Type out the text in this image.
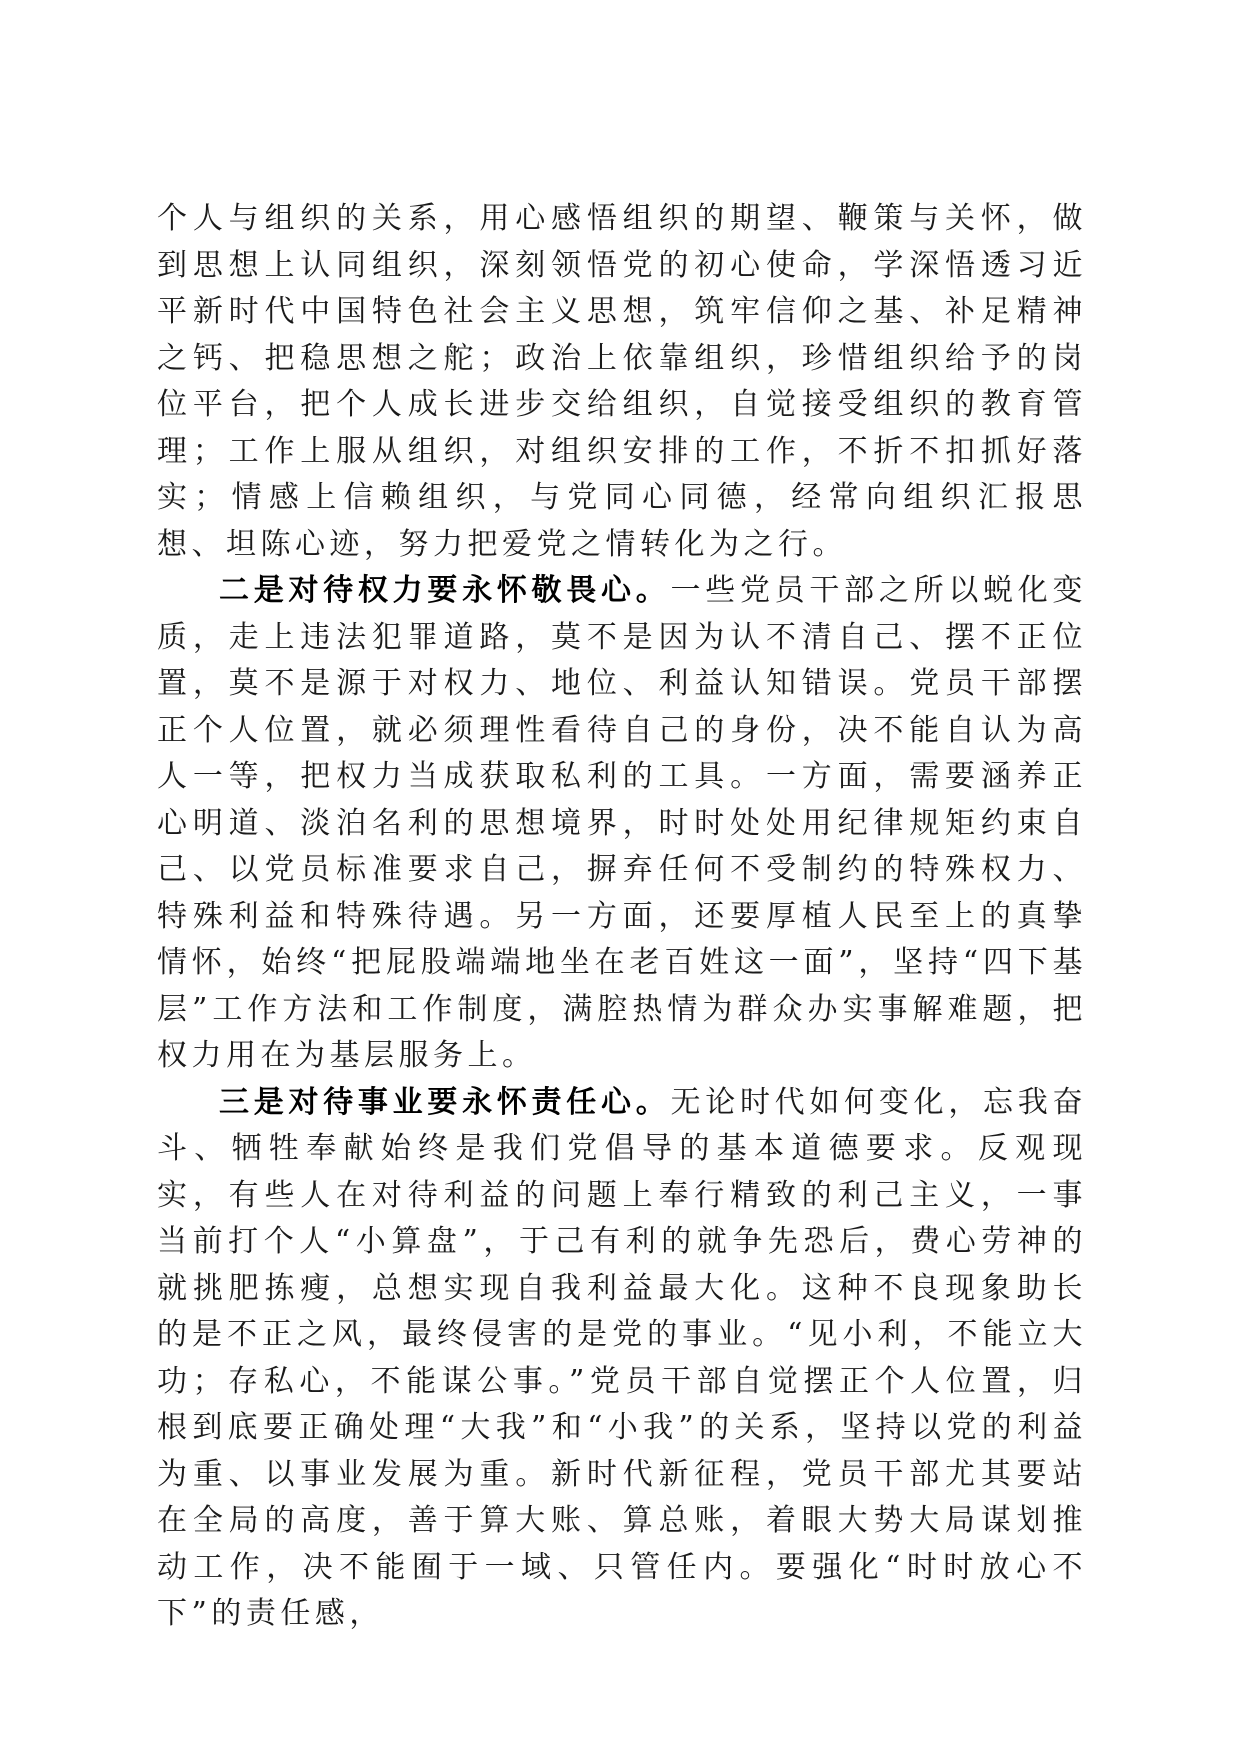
个人与组织的关系，用心感悟组织的期望、鞭策与关怀，做到思想上认同组织，深刻领悟党的初心使命，学深悟透习近平新时代中国特色社会主义思想，筑牢信仰之基、补足精神之钙、把稳思想之舵；政治上依靠组织，珍惜组织给予的岗位平台，把个人成长进步交给组织，自觉接受组织的教育管理；工作上服从组织，对组织安排的工作，不折不扣抓好落实；情感上信赖组织，与党同心同德，经常向组织汇报思想、坦陈心迹，努力把爱党之情转化为之行。

二是对待权力要永怀敬畏心。一些党员干部之所以蜕化变质，走上违法犯罪道路，莫不是因为认不清自己、摆不正位置，莫不是源于对权力、地位、利益认知错误。党员干部摆正个人位置，就必须理性看待自己的身份，决不能自认为高人一等，把权力当成获取私利的工具。一方面，需要涵养正心明道、淡泊名利的思想境界，时时处处用纪律规矩约束自己、以党员标准要求自己，摒弃任何不受制约的特殊权力、特殊利益和特殊待遇。另一方面，还要厚植人民至上的真挚情怀，始终“把屁股端端地坐在老百姓这一面”，坚持“四下基层”工作方法和工作制度，满腔热情为群众办实事解难题，把权力用在为基层服务上。

三是对待事业要永怀责任心。无论时代如何变化，忘我奋斗、牺牲奉献始终是我们党倡导的基本道德要求。反观现实，有些人在对待利益的问题上奉行精致的利己主义，一事当前打个人“小算盘”，于己有利的就争先恐后，费心劳神的就挑肥拣瘦，总想实现自我利益最大化。这种不良现象助长的是不正之风，最终侵害的是党的事业。“见小利，不能立大功；存私心，不能谋公事。”党员干部自觉摆正个人位置，归根到底要正确处理“大我”和“小我”的关系，坚持以党的利益为重、以事业发展为重。新时代新征程，党员干部尤其要站在全局的高度，善于算大账、算总账，着眼大势大局谋划推动工作，决不能囿于一域、只管任内。要强化“时时放心不下”的责任感，
